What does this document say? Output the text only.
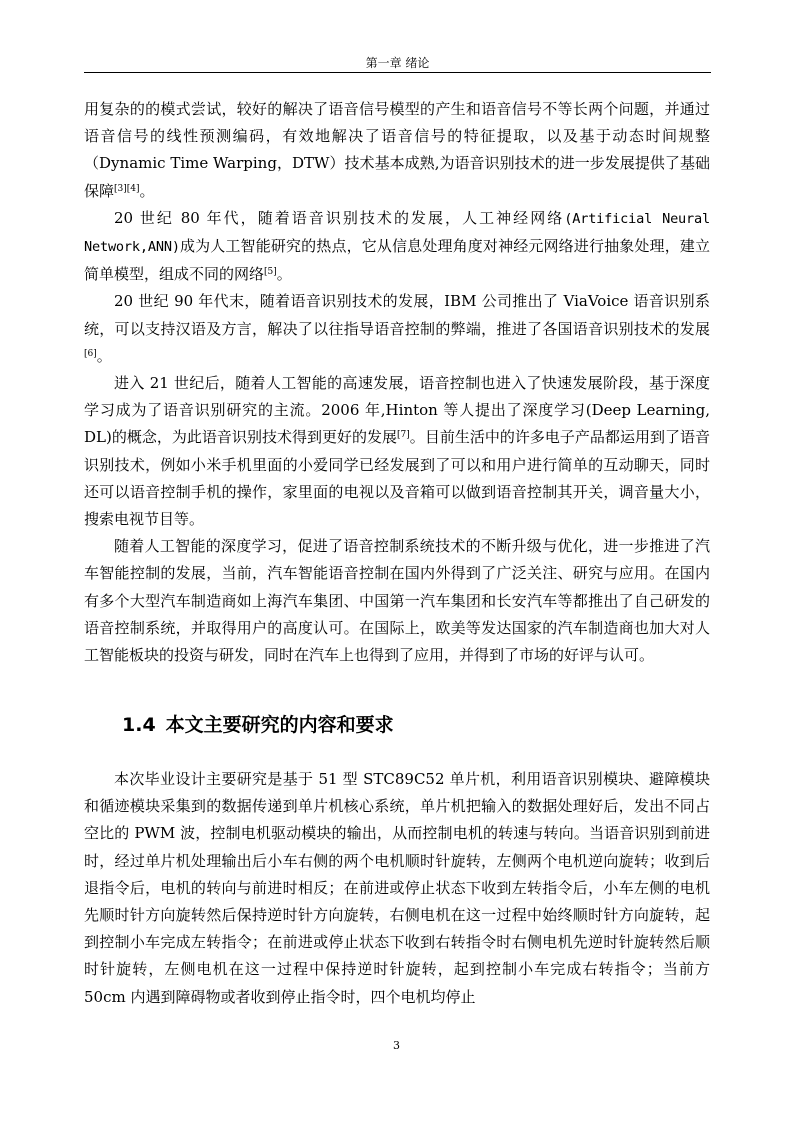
第一章 绪论

用复杂的的模式尝试，较好的解决了语音信号模型的产生和语音信号不等长两个问题，并通过语音信号的线性预测编码，有效地解决了语音信号的特征提取，以及基于动态时间规整（Dynamic Time Warping，DTW）技术基本成熟,为语音识别技术的进一步发展提供了基础保障[3][4]。

20 世纪 80 年代，随着语音识别技术的发展，人工神经网络(Artificial Neural Network,ANN)成为人工智能研究的热点，它从信息处理角度对神经元网络进行抽象处理，建立简单模型，组成不同的网络[5]。

20 世纪 90 年代末，随着语音识别技术的发展，IBM 公司推出了 ViaVoice 语音识别系统，可以支持汉语及方言，解决了以往指导语音控制的弊端，推进了各国语音识别技术的发展[6]。

进入 21 世纪后，随着人工智能的高速发展，语音控制也进入了快速发展阶段，基于深度学习成为了语音识别研究的主流。2006 年,Hinton 等人提出了深度学习(Deep Learning, DL)的概念，为此语音识别技术得到更好的发展[7]。目前生活中的许多电子产品都运用到了语音识别技术，例如小米手机里面的小爱同学已经发展到了可以和用户进行简单的互动聊天，同时还可以语音控制手机的操作，家里面的电视以及音箱可以做到语音控制其开关，调音量大小，搜索电视节目等。

随着人工智能的深度学习，促进了语音控制系统技术的不断升级与优化，进一步推进了汽车智能控制的发展，当前，汽车智能语音控制在国内外得到了广泛关注、研究与应用。在国内有多个大型汽车制造商如上海汽车集团、中国第一汽车集团和长安汽车等都推出了自己研发的语音控制系统，并取得用户的高度认可。在国际上，欧美等发达国家的汽车制造商也加大对人工智能板块的投资与研发，同时在汽车上也得到了应用，并得到了市场的好评与认可。

1.4 本文主要研究的内容和要求

本次毕业设计主要研究是基于 51 型 STC89C52 单片机，利用语音识别模块、避障模块和循迹模块采集到的数据传递到单片机核心系统，单片机把输入的数据处理好后，发出不同占空比的 PWM 波，控制电机驱动模块的输出，从而控制电机的转速与转向。当语音识别到前进时，经过单片机处理输出后小车右侧的两个电机顺时针旋转，左侧两个电机逆向旋转；收到后退指令后，电机的转向与前进时相反；在前进或停止状态下收到左转指令后，小车左侧的电机先顺时针方向旋转然后保持逆时针方向旋转，右侧电机在这一过程中始终顺时针方向旋转，起到控制小车完成左转指令；在前进或停止状态下收到右转指令时右侧电机先逆时针旋转然后顺时针旋转，左侧电机在这一过程中保持逆时针旋转，起到控制小车完成右转指令；当前方 50cm 内遇到障碍物或者收到停止指令时，四个电机均停止

3
